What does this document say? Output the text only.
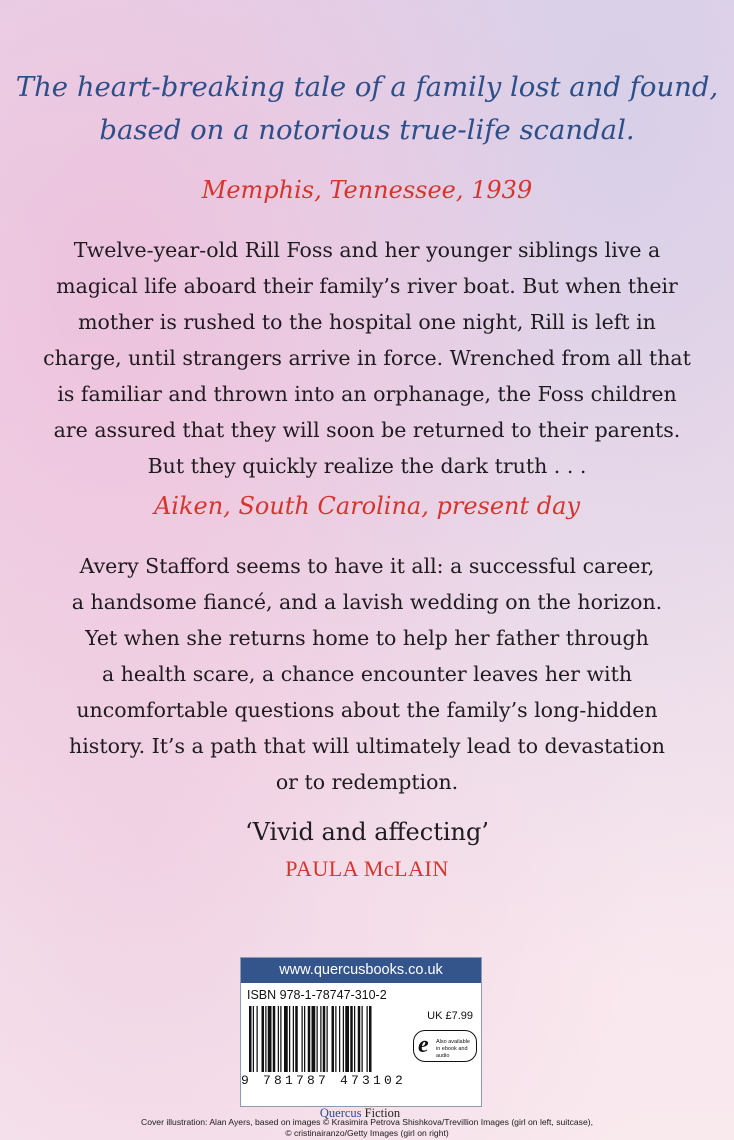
The heart-breaking tale of a family lost and found,
based on a notorious true-life scandal.
Memphis, Tennessee, 1939
Twelve-year-old Rill Foss and her younger siblings live a
magical life aboard their family’s river boat. But when their
mother is rushed to the hospital one night, Rill is left in
charge, until strangers arrive in force. Wrenched from all that
is familiar and thrown into an orphanage, the Foss children
are assured that they will soon be returned to their parents.
But they quickly realize the dark truth . . .
Aiken, South Carolina, present day
Avery Stafford seems to have it all: a successful career,
a handsome fiancé, and a lavish wedding on the horizon.
Yet when she returns home to help her father through
a health scare, a chance encounter leaves her with
uncomfortable questions about the family’s long-hidden
history. It’s a path that will ultimately lead to devastation
or to redemption.
‘Vivid and affecting’
PAULA McLAIN
www.quercusbooks.co.uk
ISBN 978-1-78747-310-2
UK £7.99
e Also available in ebook and audio
9 781787 473102
Quercus Fiction
Cover illustration: Alan Ayers, based on images © Krasimira Petrova Shishkova/Trevillion Images (girl on left, suitcase),
© cristinairanzo/Getty Images (girl on right)
